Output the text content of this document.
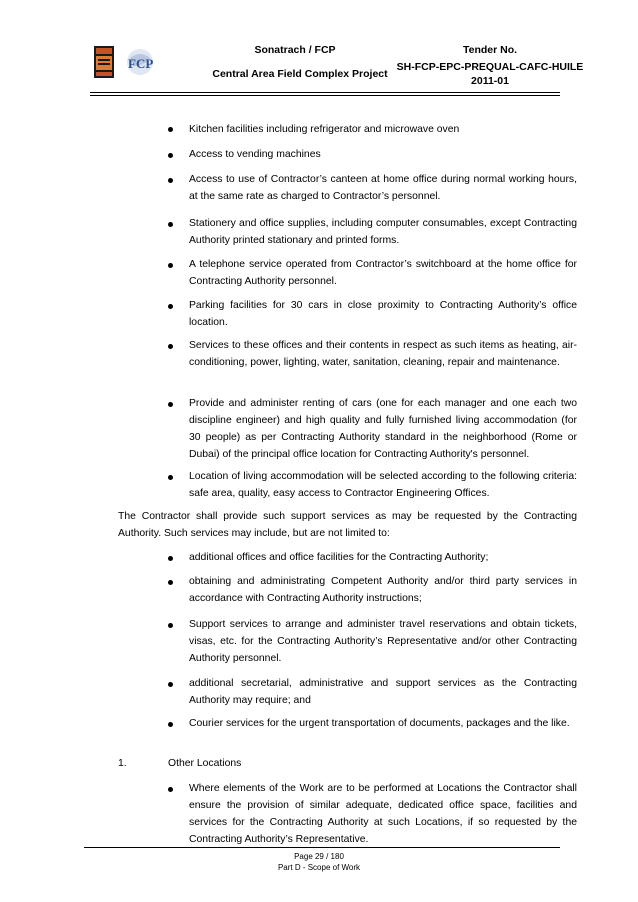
FCP
Sonatrach / FCP
Central Area Field Complex Project
Tender No.
SH-FCP-EPC-PREQUAL-CAFC-HUILE 2011-01
Kitchen facilities including refrigerator and microwave oven
Access to vending machines
Access to use of Contractor’s canteen at home office during normal working hours, at the same rate as charged to Contractor’s personnel.
Stationery and office supplies, including computer consumables, except Contracting Authority printed stationary and printed forms.
A telephone service operated from Contractor’s switchboard at the home office for Contracting Authority personnel.
Parking facilities for 30 cars in close proximity to Contracting Authority’s office location.
Services to these offices and their contents in respect as such items as heating, air-conditioning, power, lighting, water, sanitation, cleaning, repair and maintenance.
Provide and administer renting of cars (one for each manager and one each two discipline engineer) and high quality and fully furnished living accommodation (for 30 people) as per Contracting Authority standard in the neighborhood (Rome or Dubai) of the principal office location for Contracting Authority's personnel.
Location of living accommodation will be selected according to the following criteria: safe area, quality, easy access to Contractor Engineering Offices.
The Contractor shall provide such support services as may be requested by the Contracting Authority. Such services may include, but are not limited to:
additional offices and office facilities for the Contracting Authority;
obtaining and administrating Competent Authority and/or third party services in accordance with Contracting Authority instructions;
Support services to arrange and administer travel reservations and obtain tickets, visas, etc. for the Contracting Authority’s Representative and/or other Contracting Authority personnel.
additional secretarial, administrative and support services as the Contracting Authority may require; and
Courier services for the urgent transportation of documents, packages and the like.
1.	Other Locations
Where elements of the Work are to be performed at Locations the Contractor shall ensure the provision of similar adequate, dedicated office space, facilities and services for the Contracting Authority at such Locations, if so requested by the Contracting Authority’s Representative.
Page 29 / 180
Part D - Scope of Work
